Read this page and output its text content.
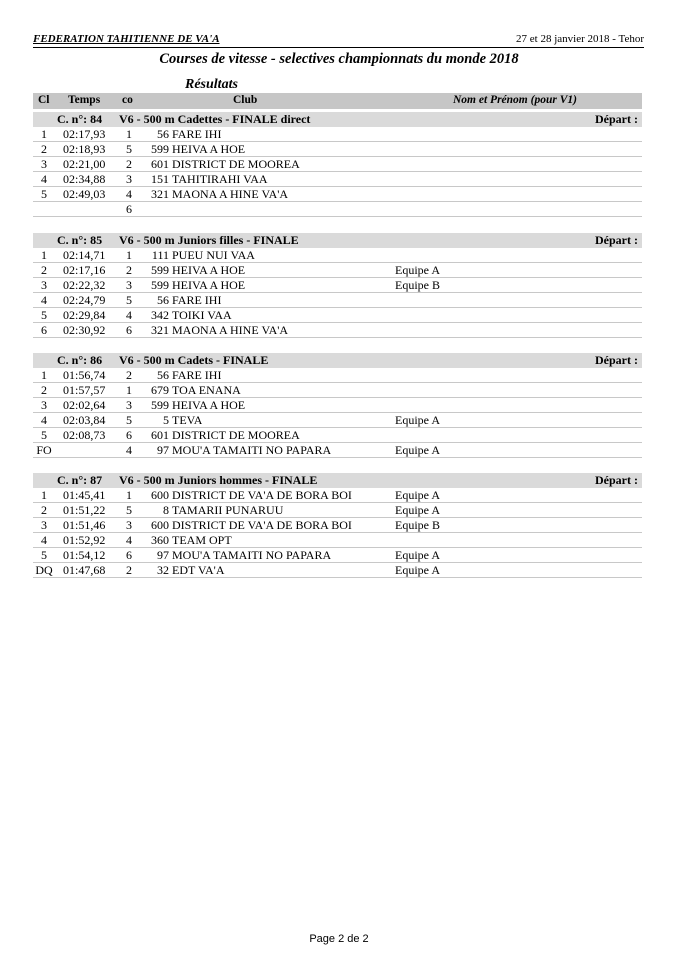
FEDERATION TAHITIENNE DE VA'A	27 et 28 janvier 2018 - Tehor
Courses de vitesse - selectives championnats du monde 2018
Résultats
Cl Temps co	Club	Nom et Prénom (pour V1)
C. n°: 84 V6 - 500 m Cadettes - FINALE direct	Départ :
1	02:17,93 1	56 FARE IHI
2	02:18,93 5	599 HEIVA A HOE
3	02:21,00 2	601 DISTRICT DE MOOREA
4	02:34,88 3	151 TAHITIRAHI VAA
5	02:49,03 4	321 MAONA A HINE VA'A
6
C. n°: 85 V6 - 500 m Juniors filles - FINALE	Départ :
1	02:14,71 1	111 PUEU NUI VAA
2	02:17,16 2	599 HEIVA A HOE	Equipe A
3	02:22,32 3	599 HEIVA A HOE	Equipe B
4	02:24,79 5	56 FARE IHI
5	02:29,84 4	342 TOIKI VAA
6	02:30,92 6	321 MAONA A HINE VA'A
C. n°: 86 V6 - 500 m Cadets - FINALE	Départ :
1	01:56,74 2	56 FARE IHI
2	01:57,57 1	679 TOA ENANA
3	02:02,64 3	599 HEIVA A HOE
4	02:03,84 5	5 TEVA	Equipe A
5	02:08,73 6	601 DISTRICT DE MOOREA
FO	4	97 MOU'A TAMAITI NO PAPARA	Equipe A
C. n°: 87 V6 - 500 m Juniors hommes - FINALE	Départ :
1	01:45,41 1	600 DISTRICT DE VA'A DE BORA BOI	Equipe A
2	01:51,22 5	8 TAMARII PUNARUU	Equipe A
3	01:51,46 3	600 DISTRICT DE VA'A DE BORA BOI	Equipe B
4	01:52,92 4	360 TEAM OPT
5	01:54,12 6	97 MOU'A TAMAITI NO PAPARA	Equipe A
DQ 01:47,68 2	32 EDT VA'A	Equipe A
Page 2 de 2
